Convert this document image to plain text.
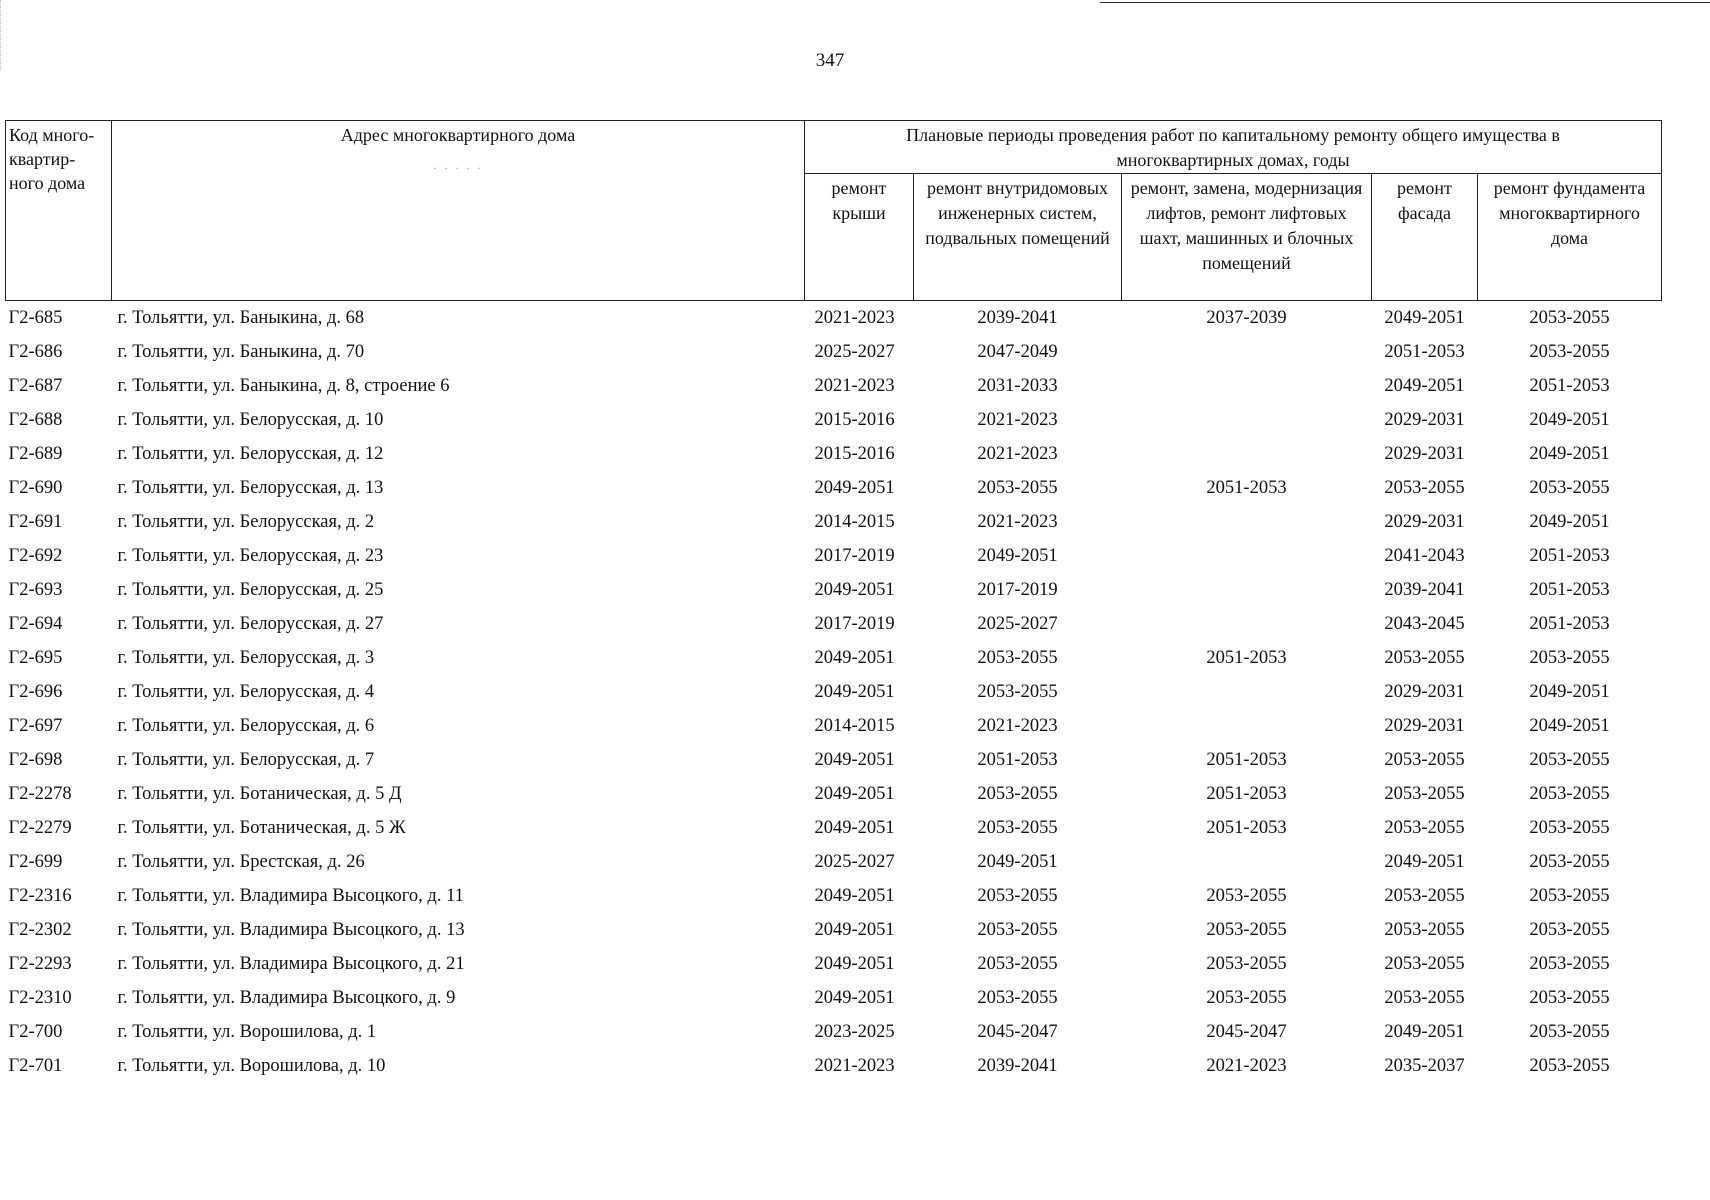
347
Код много-квартир-ного дома	Адрес многоквартирного дома
· · · · ·	Плановые периоды проведения работ по капитальному ремонту общего имущества в многоквартирных домах, годы				
		ремонт крыши	ремонт внутридомовых инженерных систем, подвальных помещений	ремонт, замена, модернизация лифтов, ремонт лифтовых шахт, машинных и блочных помещений	ремонт фасада	ремонт фундамента многоквартирного дома
Г2-685	г. Тольятти, ул. Баныкина, д. 68	2021-2023	2039-2041	2037-2039	2049-2051	2053-2055
Г2-686	г. Тольятти, ул. Баныкина, д. 70	2025-2027	2047-2049		2051-2053	2053-2055
Г2-687	г. Тольятти, ул. Баныкина, д. 8, строение 6	2021-2023	2031-2033		2049-2051	2051-2053
Г2-688	г. Тольятти, ул. Белорусская, д. 10	2015-2016	2021-2023		2029-2031	2049-2051
Г2-689	г. Тольятти, ул. Белорусская, д. 12	2015-2016	2021-2023		2029-2031	2049-2051
Г2-690	г. Тольятти, ул. Белорусская, д. 13	2049-2051	2053-2055	2051-2053	2053-2055	2053-2055
Г2-691	г. Тольятти, ул. Белорусская, д. 2	2014-2015	2021-2023		2029-2031	2049-2051
Г2-692	г. Тольятти, ул. Белорусская, д. 23	2017-2019	2049-2051		2041-2043	2051-2053
Г2-693	г. Тольятти, ул. Белорусская, д. 25	2049-2051	2017-2019		2039-2041	2051-2053
Г2-694	г. Тольятти, ул. Белорусская, д. 27	2017-2019	2025-2027		2043-2045	2051-2053
Г2-695	г. Тольятти, ул. Белорусская, д. 3	2049-2051	2053-2055	2051-2053	2053-2055	2053-2055
Г2-696	г. Тольятти, ул. Белорусская, д. 4	2049-2051	2053-2055		2029-2031	2049-2051
Г2-697	г. Тольятти, ул. Белорусская, д. 6	2014-2015	2021-2023		2029-2031	2049-2051
Г2-698	г. Тольятти, ул. Белорусская, д. 7	2049-2051	2051-2053	2051-2053	2053-2055	2053-2055
Г2-2278	г. Тольятти, ул. Ботаническая, д. 5 Д	2049-2051	2053-2055	2051-2053	2053-2055	2053-2055
Г2-2279	г. Тольятти, ул. Ботаническая, д. 5 Ж	2049-2051	2053-2055	2051-2053	2053-2055	2053-2055
Г2-699	г. Тольятти, ул. Брестская, д. 26	2025-2027	2049-2051		2049-2051	2053-2055
Г2-2316	г. Тольятти, ул. Владимира Высоцкого, д. 11	2049-2051	2053-2055	2053-2055	2053-2055	2053-2055
Г2-2302	г. Тольятти, ул. Владимира Высоцкого, д. 13	2049-2051	2053-2055	2053-2055	2053-2055	2053-2055
Г2-2293	г. Тольятти, ул. Владимира Высоцкого, д. 21	2049-2051	2053-2055	2053-2055	2053-2055	2053-2055
Г2-2310	г. Тольятти, ул. Владимира Высоцкого, д. 9	2049-2051	2053-2055	2053-2055	2053-2055	2053-2055
Г2-700	г. Тольятти, ул. Ворошилова, д. 1	2023-2025	2045-2047	2045-2047	2049-2051	2053-2055
Г2-701	г. Тольятти, ул. Ворошилова, д. 10	2021-2023	2039-2041	2021-2023	2035-2037	2053-2055
